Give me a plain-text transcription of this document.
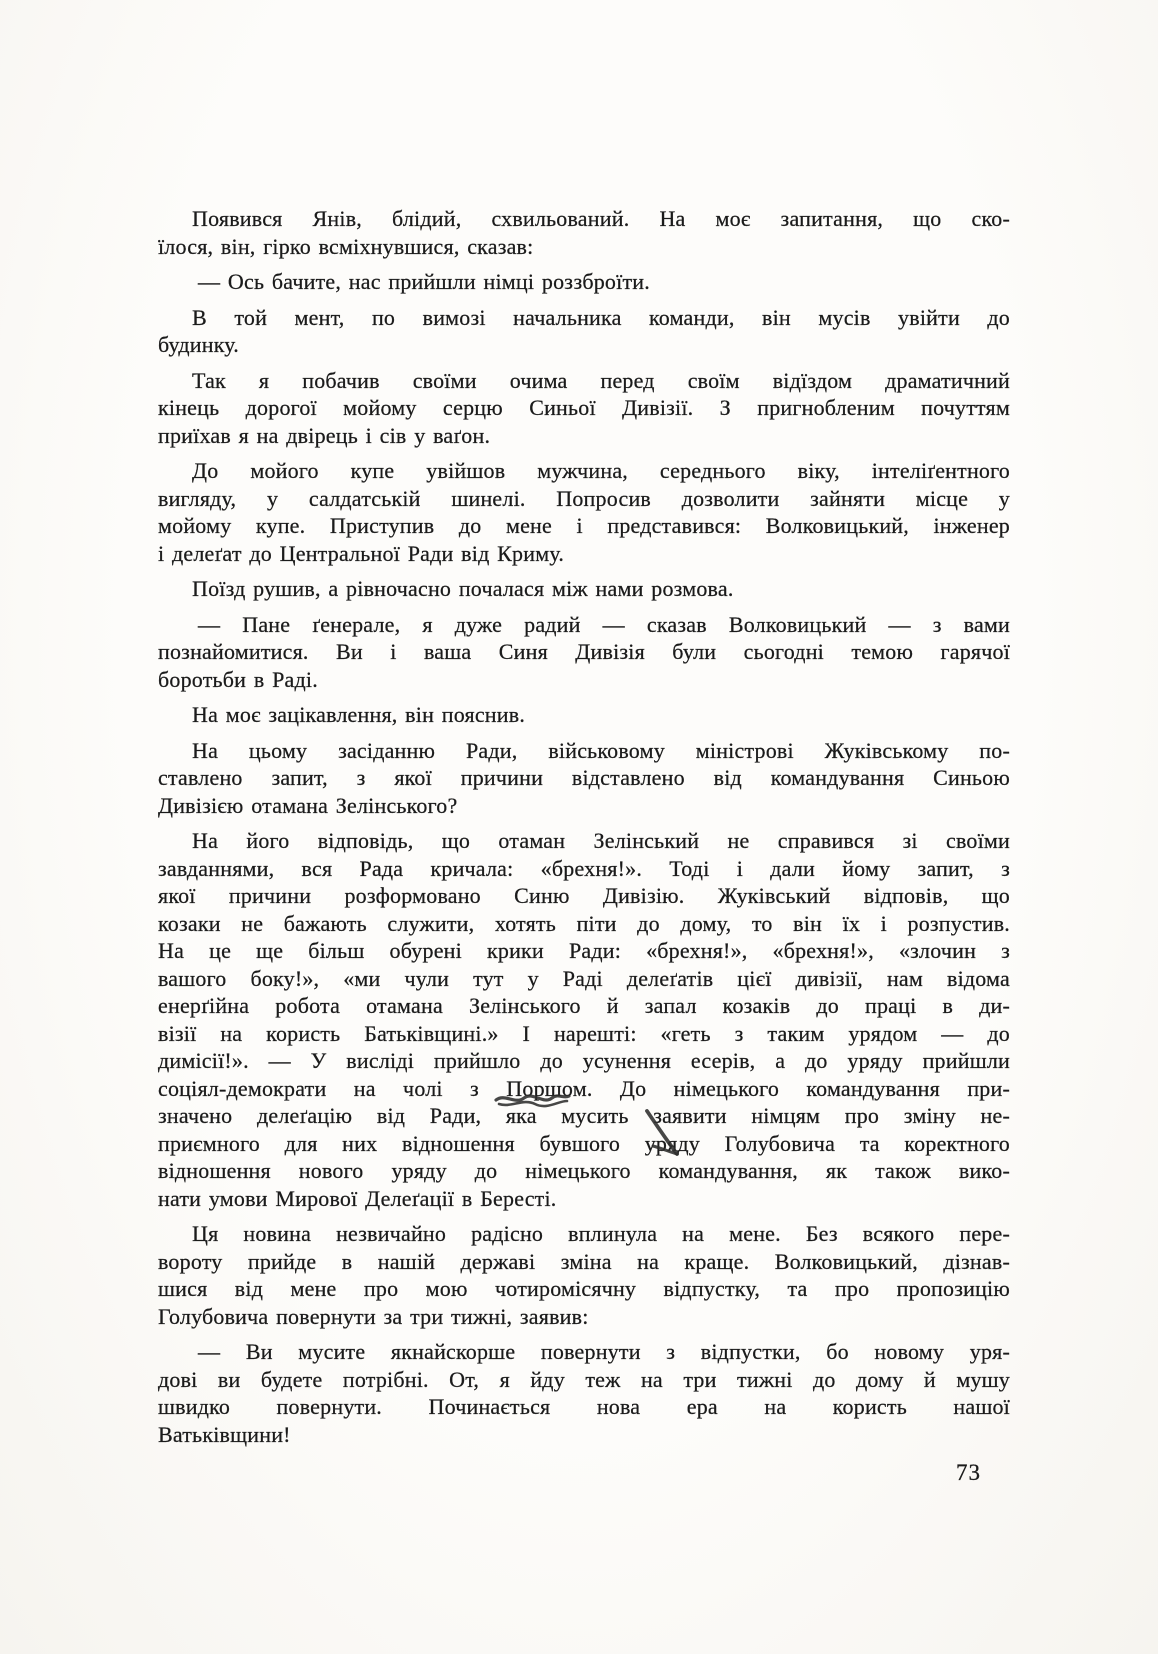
Появився Янів, блідий, схвильований. На моє запитання, що ско-
їлося, він, гірко всміхнувшися, сказав:
— Ось бачите, нас прийшли німці роззброїти.
В той мент, по вимозі начальника команди, він мусів увійти до
будинку.
Так я побачив своїми очима перед своїм відїздом драматичний
кінець дорогої мойому серцю Синьої Дивізії. З пригнобленим почуттям
приїхав я на двірець і сів у ваґон.
До мойого купе увійшов мужчина, середнього віку, інтеліґентного
вигляду, у салдатській шинелі. Попросив дозволити зайняти місце у
мойому купе. Приступив до мене і представився: Волковицький, інженер
і делеґат до Центральної Ради від Криму.
Поїзд рушив, а рівночасно почалася між нами розмова.
— Пане ґенерале, я дуже радий — сказав Волковицький — з вами
познайомитися. Ви і ваша Синя Дивізія були сьогодні темою гарячої
боротьби в Раді.
На моє зацікавлення, він пояснив.
На цьому засіданню Ради, військовому міністрові Жуківському по-
ставлено запит, з якої причини відставлено від командування Синьою
Дивізією отамана Зелінського?
На його відповідь, що отаман Зелінський не справився зі своїми
завданнями, вся Рада кричала: «брехня!». Тоді і дали йому запит, з
якої причини розформовано Синю Дивізію. Жуківський відповів, що
козаки не бажають служити, хотять піти до дому, то він їх і розпустив.
На це ще більш обурені крики Ради: «брехня!», «брехня!», «злочин з
вашого боку!», «ми чули тут у Раді делеґатів цієї дивізії, нам відома
енерґійна робота отамана Зелінського й запал козаків до праці в ди-
візії на користь Батьківщині.» І нарешті: «геть з таким урядом — до
димісії!». — У висліді прийшло до усунення есерів, а до уряду прийшли
соціял-демократи на чолі з Поршом. До німецького командування при-
значено делеґацію від Ради, яка мусить заявити німцям про зміну не-
приємного для них відношення бувшого уряду Голубовича та коректного
відношення нового уряду до німецького командування, як також вико-
нати умови Мирової Делеґації в Бересті.
Ця новина незвичайно радісно вплинула на мене. Без всякого пере-
вороту прийде в нашій державі зміна на краще. Волковицький, дізнав-
шися від мене про мою чотиромісячну відпустку, та про пропозицію
Голубовича повернути за три тижні, заявив:
— Ви мусите якнайскорше повернути з відпустки, бо новому уря-
дові ви будете потрібні. От, я йду теж на три тижні до дому й мушу
швидко повернути. Починається нова ера на користь нашої
Ватьківщини!
73
